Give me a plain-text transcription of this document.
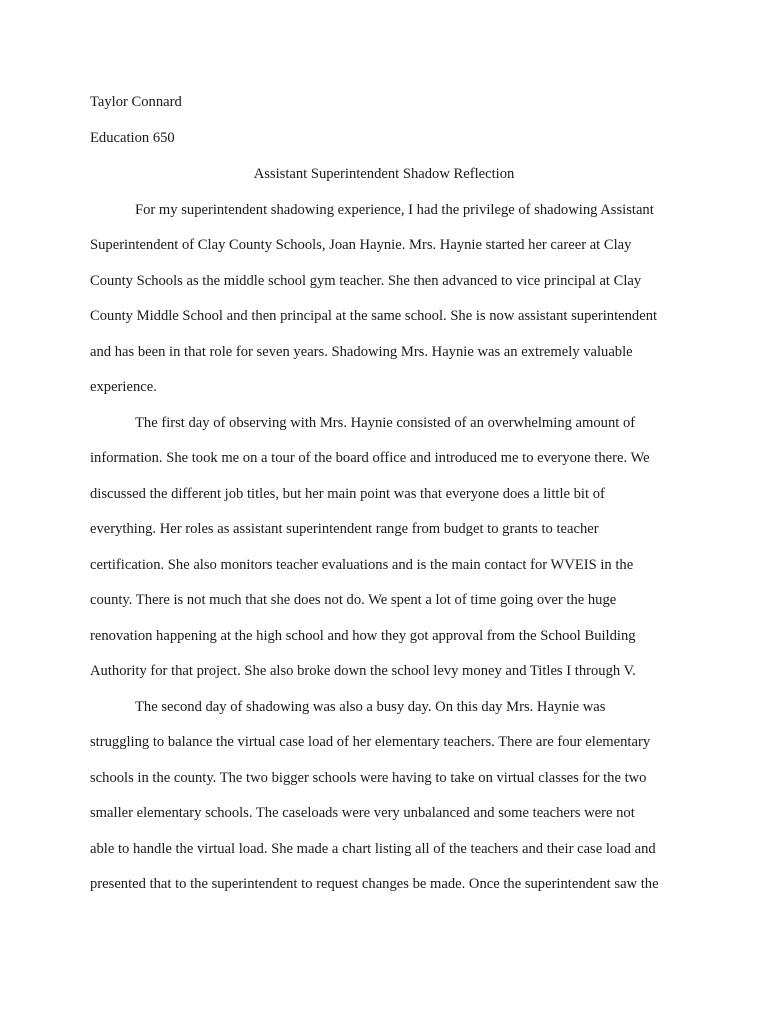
Taylor Connard
Education 650
Assistant Superintendent Shadow Reflection
For my superintendent shadowing experience, I had the privilege of shadowing Assistant
Superintendent of Clay County Schools, Joan Haynie. Mrs. Haynie started her career at Clay
County Schools as the middle school gym teacher. She then advanced to vice principal at Clay
County Middle School and then principal at the same school. She is now assistant superintendent
and has been in that role for seven years. Shadowing Mrs. Haynie was an extremely valuable
experience.
The first day of observing with Mrs. Haynie consisted of an overwhelming amount of
information. She took me on a tour of the board office and introduced me to everyone there. We
discussed the different job titles, but her main point was that everyone does a little bit of
everything. Her roles as assistant superintendent range from budget to grants to teacher
certification. She also monitors teacher evaluations and is the main contact for WVEIS in the
county. There is not much that she does not do. We spent a lot of time going over the huge
renovation happening at the high school and how they got approval from the School Building
Authority for that project. She also broke down the school levy money and Titles I through V.
The second day of shadowing was also a busy day. On this day Mrs. Haynie was
struggling to balance the virtual case load of her elementary teachers. There are four elementary
schools in the county. The two bigger schools were having to take on virtual classes for the two
smaller elementary schools. The caseloads were very unbalanced and some teachers were not
able to handle the virtual load. She made a chart listing all of the teachers and their case load and
presented that to the superintendent to request changes be made. Once the superintendent saw the
